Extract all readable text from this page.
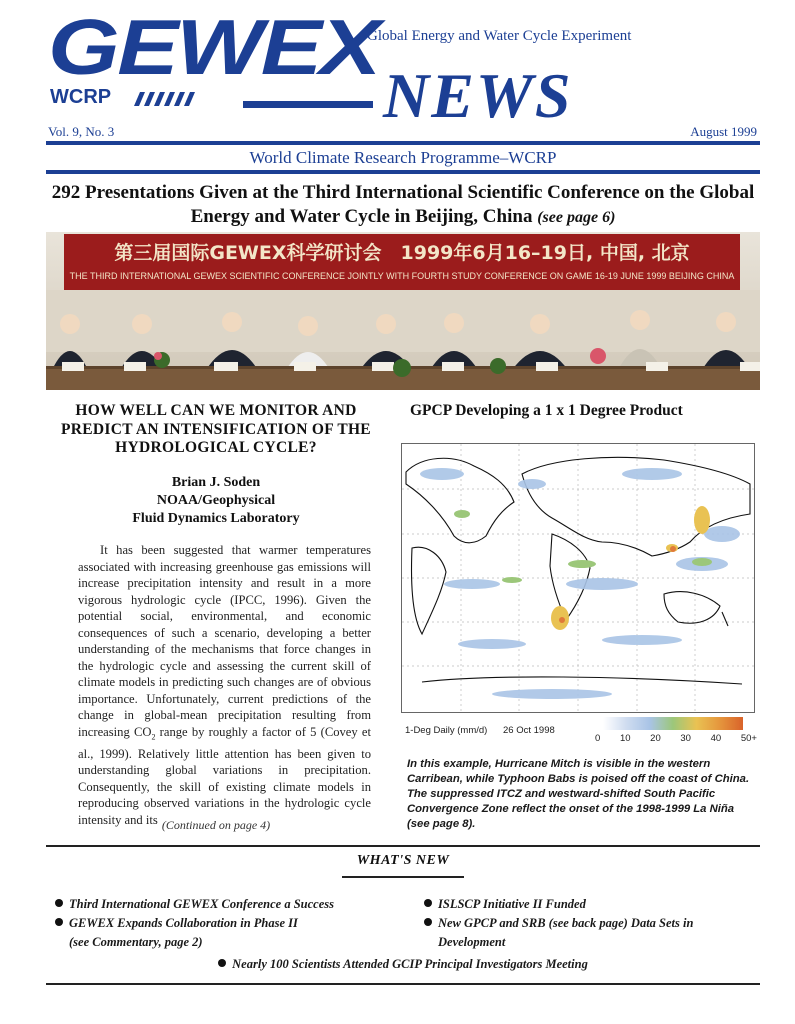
GEWEX
WCRP
Global Energy and Water Cycle Experiment
NEWS
Vol. 9, No. 3	August 1999
World Climate Research Programme–WCRP
292 Presentations Given at the Third International Scientific Conference on the Global Energy and Water Cycle in Beijing, China (see page 6)
第三届国际GEWEX科学研讨会　1999年6月16–19日, 中国, 北京
THE THIRD INTERNATIONAL GEWEX SCIENTIFIC CONFERENCE JOINTLY WITH FOURTH STUDY CONFERENCE ON GAME 16-19 JUNE 1999 BEIJING CHINA
HOW WELL CAN WE MONITOR AND PREDICT AN INTENSIFICATION OF THE HYDROLOGICAL CYCLE?
Brian J. Soden
NOAA/Geophysical
Fluid Dynamics Laboratory

It has been suggested that warmer temperatures associated with increasing greenhouse gas emissions will increase precipitation intensity and result in a more vigorous hydrologic cycle (IPCC, 1996). Given the potential social, environmental, and economic consequences of such a scenario, developing a better understanding of the mechanisms that force changes in the hydrologic cycle and assessing the current skill of climate models in predicting such changes are of obvious importance. Unfortunately, current predictions of the change in global-mean precipitation resulting from increasing $CO_2$ range by roughly a factor of 5 (Covey et al., 1999). Relatively little attention has been given to understanding global variations in precipitation. Consequently, the skill of existing climate models in reproducing observed variations in the hydrologic cycle intensity and its (Continued on page 4)
GPCP Developing a 1 x 1 Degree Product
1-Deg Daily (mm/d) 26 Oct 1998
0 10 20 30 40 50+
In this example, Hurricane Mitch is visible in the western Carribean, while Typhoon Babs is poised off the coast of China. The suppressed ITCZ and westward-shifted South Pacific Convergence Zone reflect the onset of the 1998-1999 La Niña (see page 8).
WHAT'S NEW
Third International GEWEX Conference a Success	ISLSCP Initiative II Funded
GEWEX Expands Collaboration in Phase II
(see Commentary, page 2)
New GPCP and SRB (see back page) Data Sets in
Development
Nearly 100 Scientists Attended GCIP Principal Investigators Meeting
